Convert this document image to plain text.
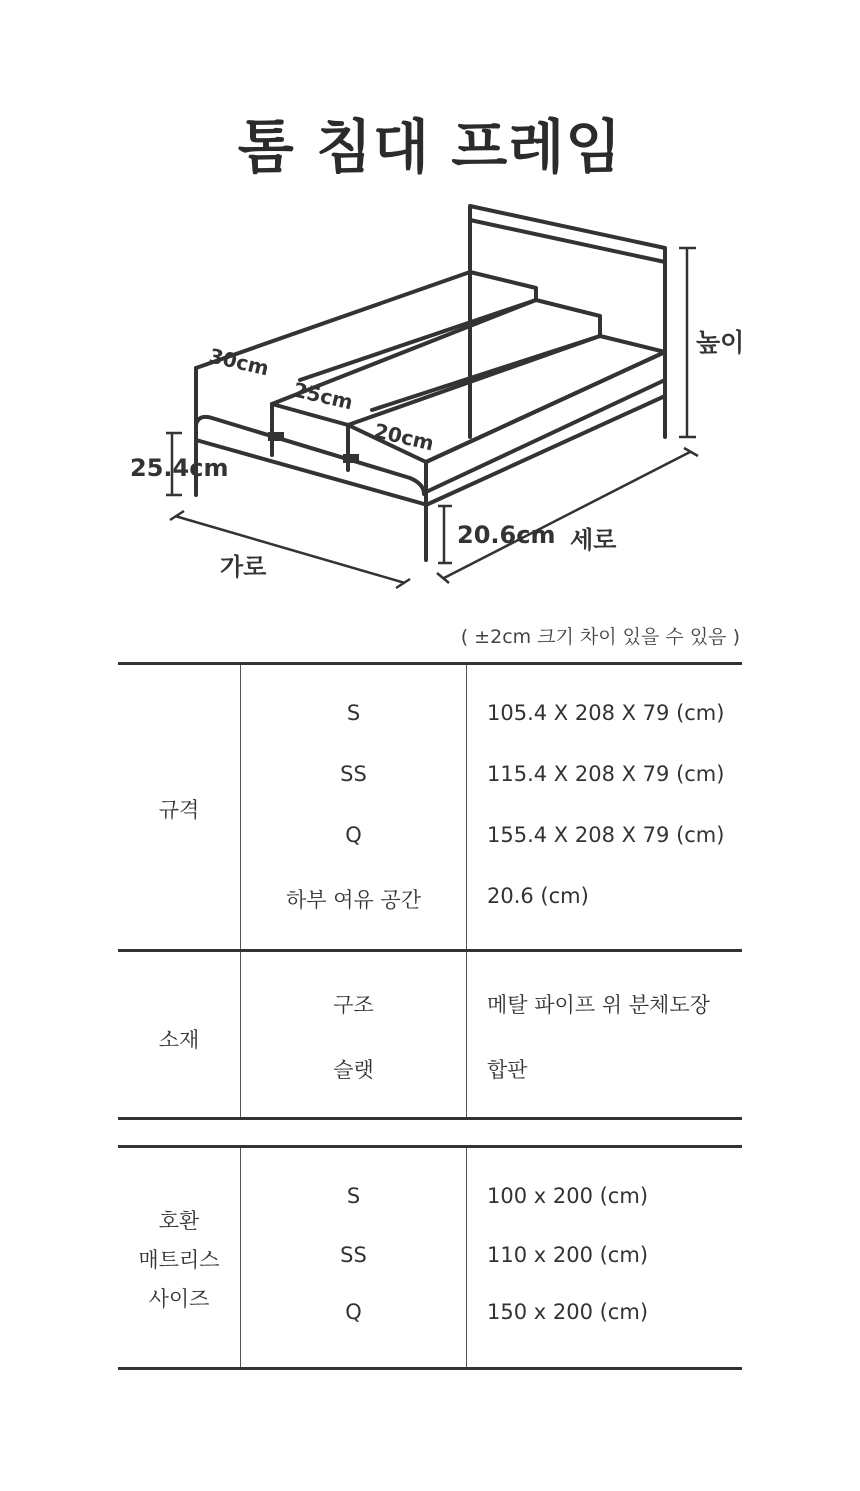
톰 침대 프레임
30cm
25cm
20cm
높이
25.4cm
20.6cm 세로
가로
( ±2cm 크기 차이 있을 수 있음 )
규격
S	105.4 X 208 X 79 (cm)
SS	115.4 X 208 X 79 (cm)
Q	155.4 X 208 X 79 (cm)
하부 여유 공간	20.6 (cm)
소재
구조	메탈 파이프 위 분체도장
슬랫	합판
호환
매트리스
사이즈
S	100 x 200 (cm)
SS	110 x 200 (cm)
Q	150 x 200 (cm)
